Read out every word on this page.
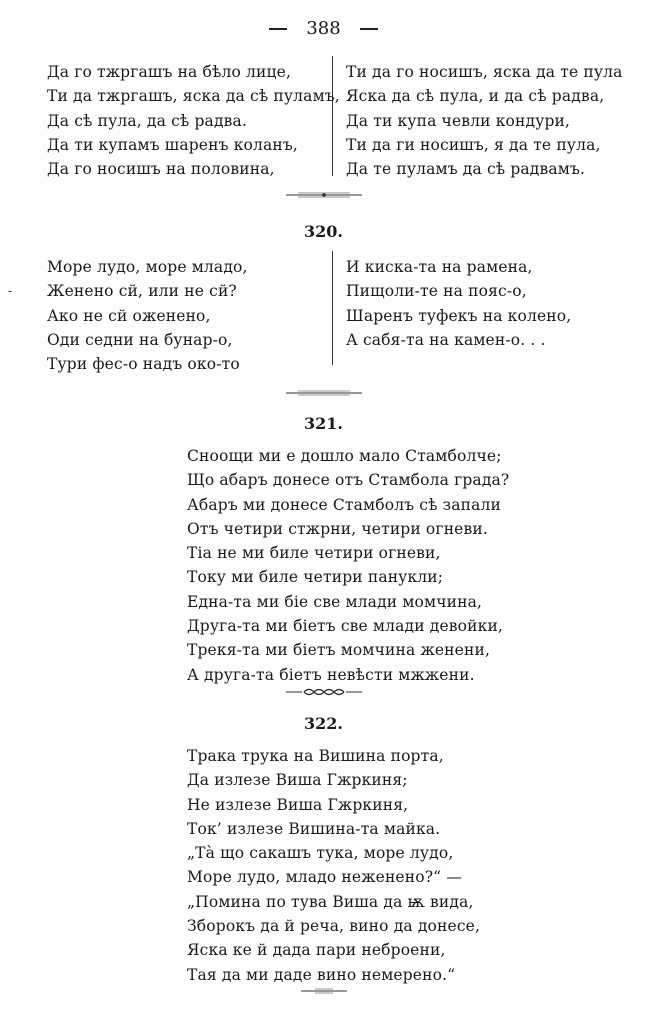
388
Да го тжргашъ на бѣло лице,
Ти да тжргашъ, яска да сѣ пуламъ,
Да сѣ пула, да сѣ радва.
Да ти купамъ шаренъ коланъ,
Да го носишъ на половина,
Ти да го носишъ, яска да те пула
Яска да сѣ пула, и да сѣ радва,
Да ти купа чевли кондури,
Ти да ги носишъ, я да те пула,
Да те пуламъ да сѣ радвамъ.
320.
-
Море лудо, море младо,
Женено сй, или не сй?
Ако не сй оженено,
Оди седни на бунар-о,
Тури фес-о надъ око-то
И киска-та на рамена,
Пищоли-те на пояс-о,
Шаренъ туфекъ на колено,
А сабя-та на камен-о. . .
321.
Сноощи ми е дошло мало Стамболче;
Що абаръ донесе отъ Стамбола града?
Абаръ ми донесе Стамболъ сѣ запали
Отъ четири стжрни, четири огневи.
Тіа не ми биле четири огневи,
Току ми биле четири панукли;
Една-та ми біе све млади момчина,
Друга-та ми біетъ све млади девойки,
Трекя-та ми біетъ момчина женени,
А друга-та біетъ невѣсти мжжени.
322.
Трака трука на Вишина порта,
Да излезе Виша Гжркиня;
Не излезе Виша Гжркиня,
Ток’ излезе Вишина-та майка.
„Тà що сакашъ тука, море лудо,
Море лудо, младо неженено?“ —
„Помина по тува Виша да ѭ вида,
Зборокъ да й реча, вино да донесе,
Яска ке й дада пари неброени,
Тая да ми даде вино немерено.“
